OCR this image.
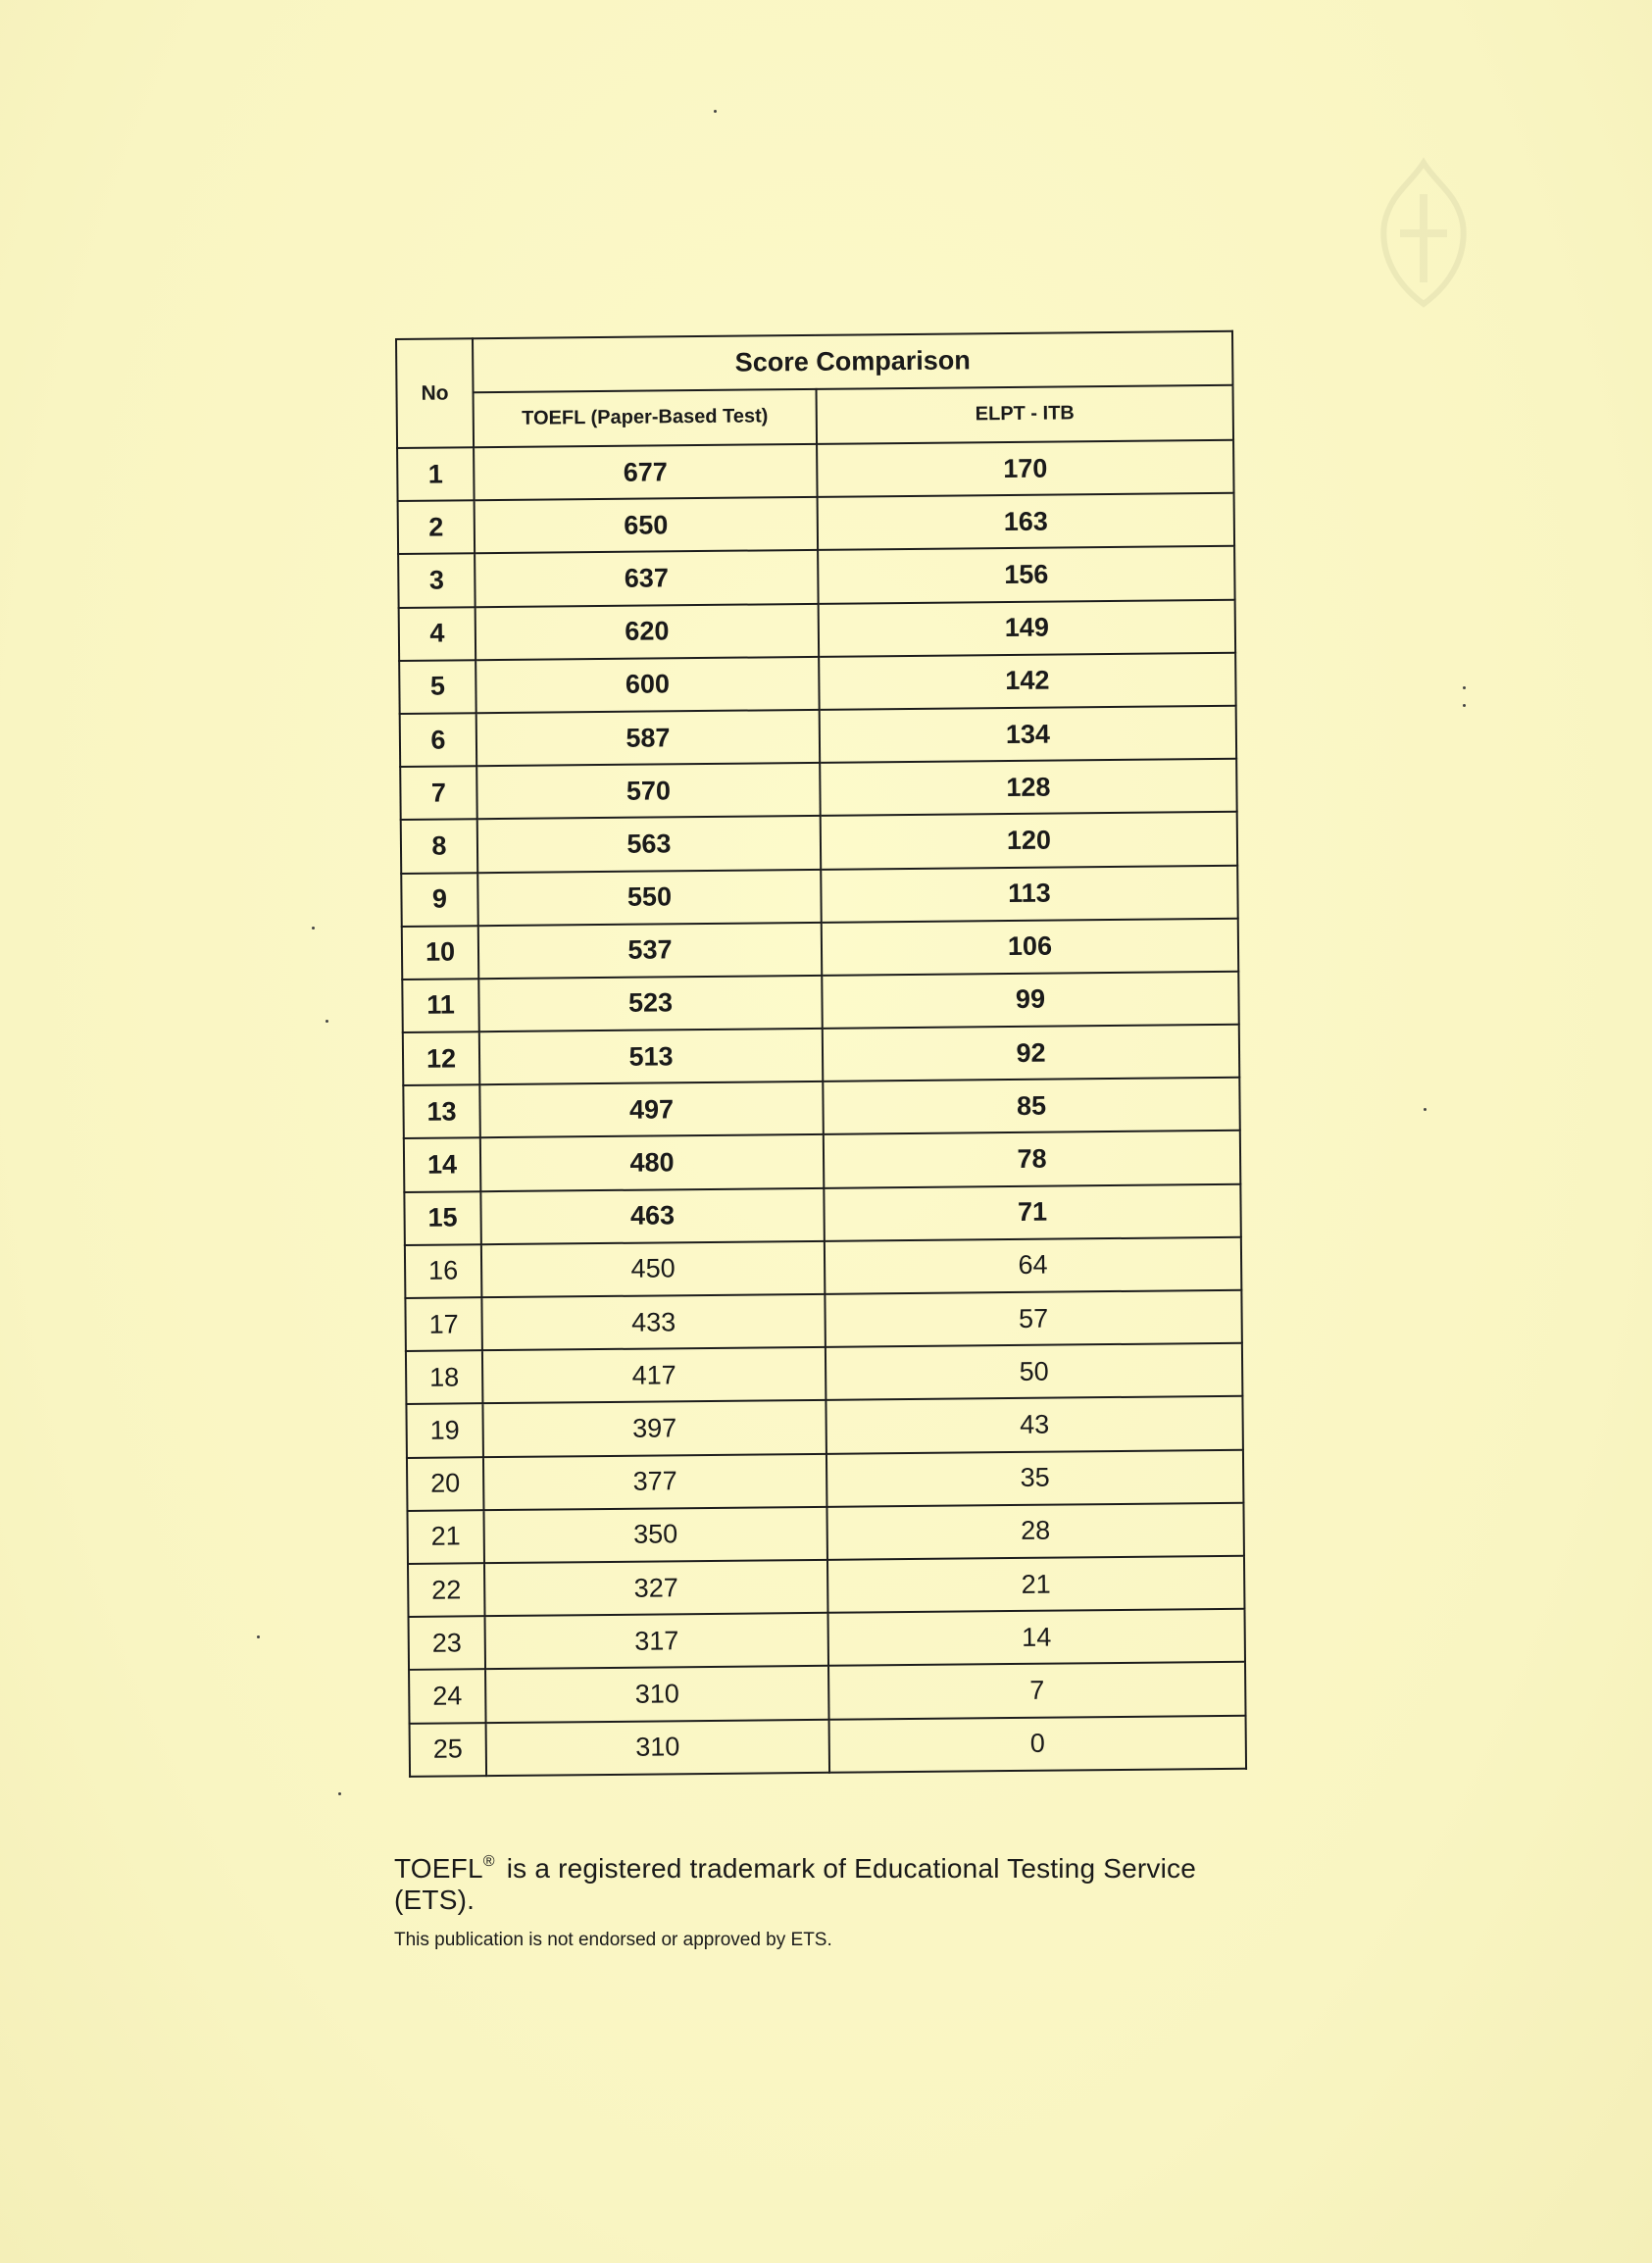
No	Score Comparison	
	TOEFL (Paper-Based Test)	ELPT - ITB
1	677	170
2	650	163
3	637	156
4	620	149
5	600	142
6	587	134
7	570	128
8	563	120
9	550	113
10	537	106
11	523	99
12	513	92
13	497	85
14	480	78
15	463	71
16	450	64
17	433	57
18	417	50
19	397	43
20	377	35
21	350	28
22	327	21
23	317	14
24	310	7
25	310	0

TOEFL® is a registered trademark of Educational Testing Service (ETS).

This publication is not endorsed or approved by ETS.
